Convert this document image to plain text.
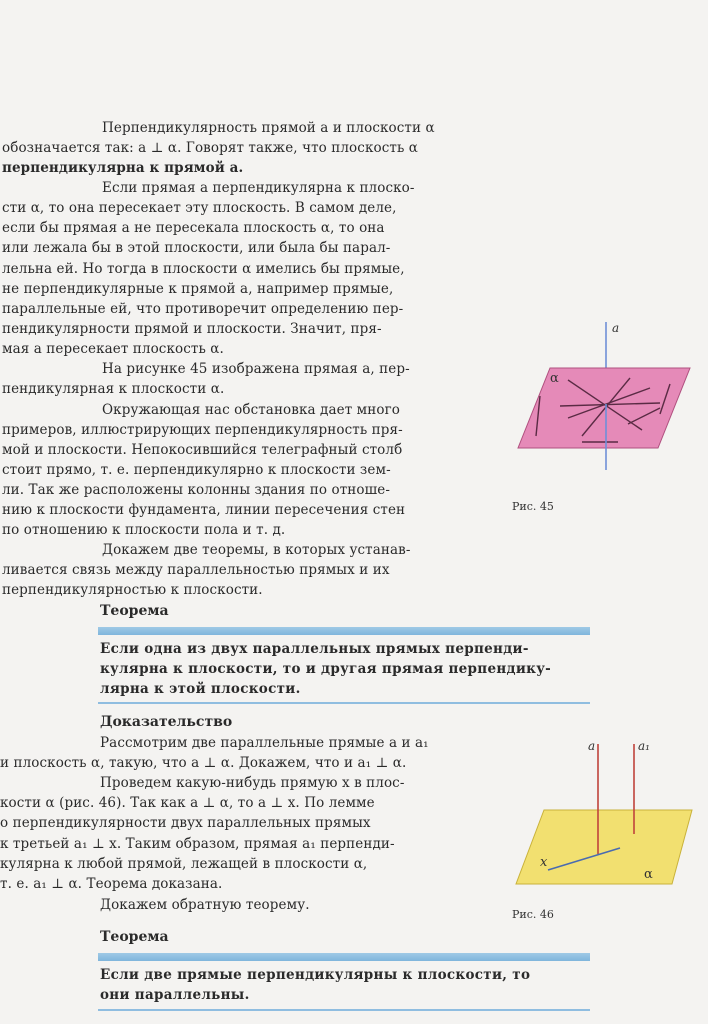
Перпендикулярность прямой a и плоскости α
обозначается так: a ⊥ α. Говорят также, что плоскость α
перпендикулярна к прямой a.
Если прямая a перпендикулярна к плоско-
сти α, то она пересекает эту плоскость. В самом деле,
если бы прямая a не пересекала плоскость α, то она
или лежала бы в этой плоскости, или была бы парал-
лельна ей. Но тогда в плоскости α имелись бы прямые,
не перпендикулярные к прямой a, например прямые,
параллельные ей, что противоречит определению пер-
пендикулярности прямой и плоскости. Значит, пря-
мая a пересекает плоскость α.
На рисунке 45 изображена прямая a, пер-
пендикулярная к плоскости α.
Окружающая нас обстановка дает много
примеров, иллюстрирующих перпендикулярность пря-
мой и плоскости. Непокосившийся телеграфный столб
стоит прямо, т. е. перпендикулярно к плоскости зем-
ли. Так же расположены колонны здания по отноше-
нию к плоскости фундамента, линии пересечения стен
по отношению к плоскости пола и т. д.
Докажем две теоремы, в которых устанав-
ливается связь между параллельностью прямых и их
перпендикулярностью к плоскости.
Теорема
Если одна из двух параллельных прямых перпенди-
кулярна к плоскости, то и другая прямая перпендику-
лярна к этой плоскости.
Доказательство
Рассмотрим две параллельные прямые a и a₁
и плоскость α, такую, что a ⊥ α. Докажем, что и a₁ ⊥ α.
Проведем какую-нибудь прямую x в плос-
кости α (рис. 46). Так как a ⊥ α, то a ⊥ x. По лемме
о перпендикулярности двух параллельных прямых
к третьей a₁ ⊥ x. Таким образом, прямая a₁ перпенди-
кулярна к любой прямой, лежащей в плоскости α,
т. е. a₁ ⊥ α. Теорема доказана.
Докажем обратную теорему.
Теорема
Если две прямые перпендикулярны к плоскости, то
они параллельны.
a
α
Рис. 45
a	a₁
x
α
Рис. 46
